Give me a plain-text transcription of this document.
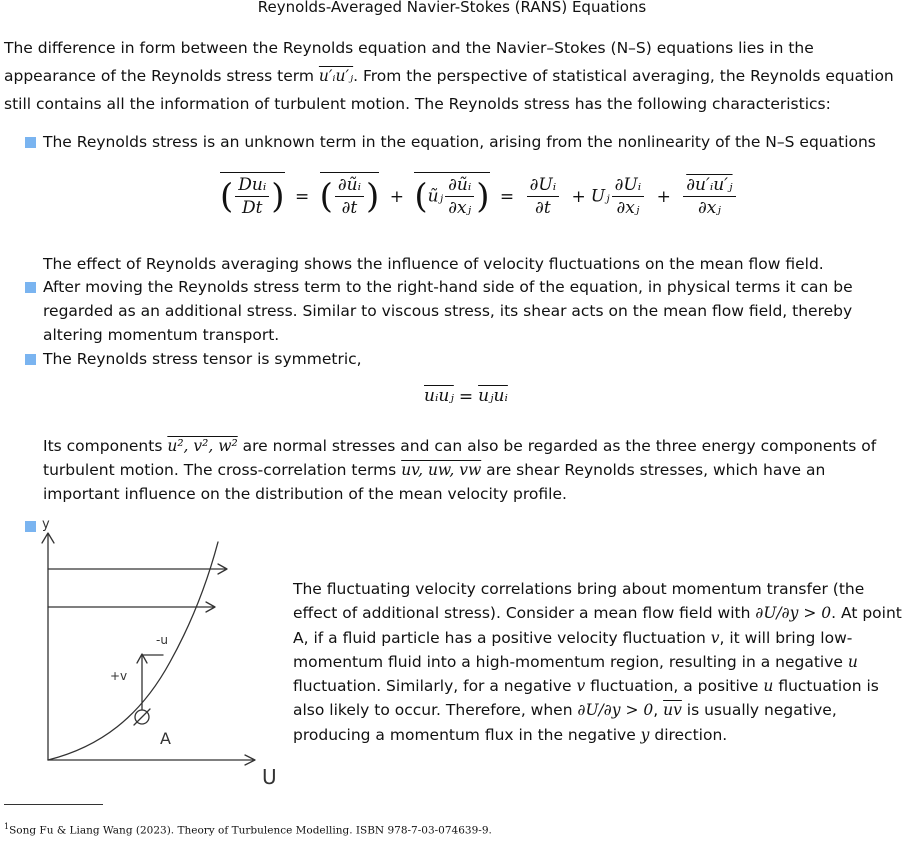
Reynolds-Averaged Navier-Stokes (RANS) Equations
The difference in form between the Reynolds equation and the Navier–Stokes (N–S) equations lies in the appearance of the Reynolds stress term u′ᵢu′ⱼ. From the perspective of statistical averaging, the Reynolds equation still contains all the information of turbulent motion. The Reynolds stress has the following characteristics:
The Reynolds stress is an unknown term in the equation, arising from the nonlinearity of the N–S equations
( $\frac{\text{Duᵢ}}{Dt}$ ) = ( $\frac{\text{∂ũᵢ}}{\partial t}$ ) + (ũⱼ $\frac{\text{∂ũᵢ}}{\text{∂xⱼ}}$ ) = $\frac{\text{∂Uᵢ}}{\partial t}$ + Uⱼ $\frac{\text{∂Uᵢ}}{\text{∂xⱼ}} + \frac{\text{∂u′ᵢu′ⱼ}}{\text{∂xⱼ}}$
The effect of Reynolds averaging shows the influence of velocity fluctuations on the mean flow field.
After moving the Reynolds stress term to the right-hand side of the equation, in physical terms it can be regarded as an additional stress. Similar to viscous stress, its shear acts on the mean flow field, thereby altering momentum transport.
The Reynolds stress tensor is symmetric,
uᵢuⱼ = uⱼuᵢ
Its components u², v², w² are normal stresses and can also be regarded as the three energy components of turbulent motion. The cross-correlation terms uv, uw, vw are shear Reynolds stresses, which have an important influence on the distribution of the mean velocity profile.
y
U
A
+v
-u
The fluctuating velocity correlations bring about momentum transfer (the effect of additional stress). Consider a mean flow field with ∂U/∂y > 0. At point A, if a fluid particle has a positive velocity fluctuation v, it will bring low-momentum fluid into a high-momentum region, resulting in a negative u fluctuation. Similarly, for a negative v fluctuation, a positive u fluctuation is also likely to occur. Therefore, when ∂U/∂y > 0, $\overline{uv}$ is usually negative, producing a momentum flux in the negative y direction.
$^1$Song Fu & Liang Wang (2023). Theory of Turbulence Modelling. ISBN 978-7-03-074639-9.
